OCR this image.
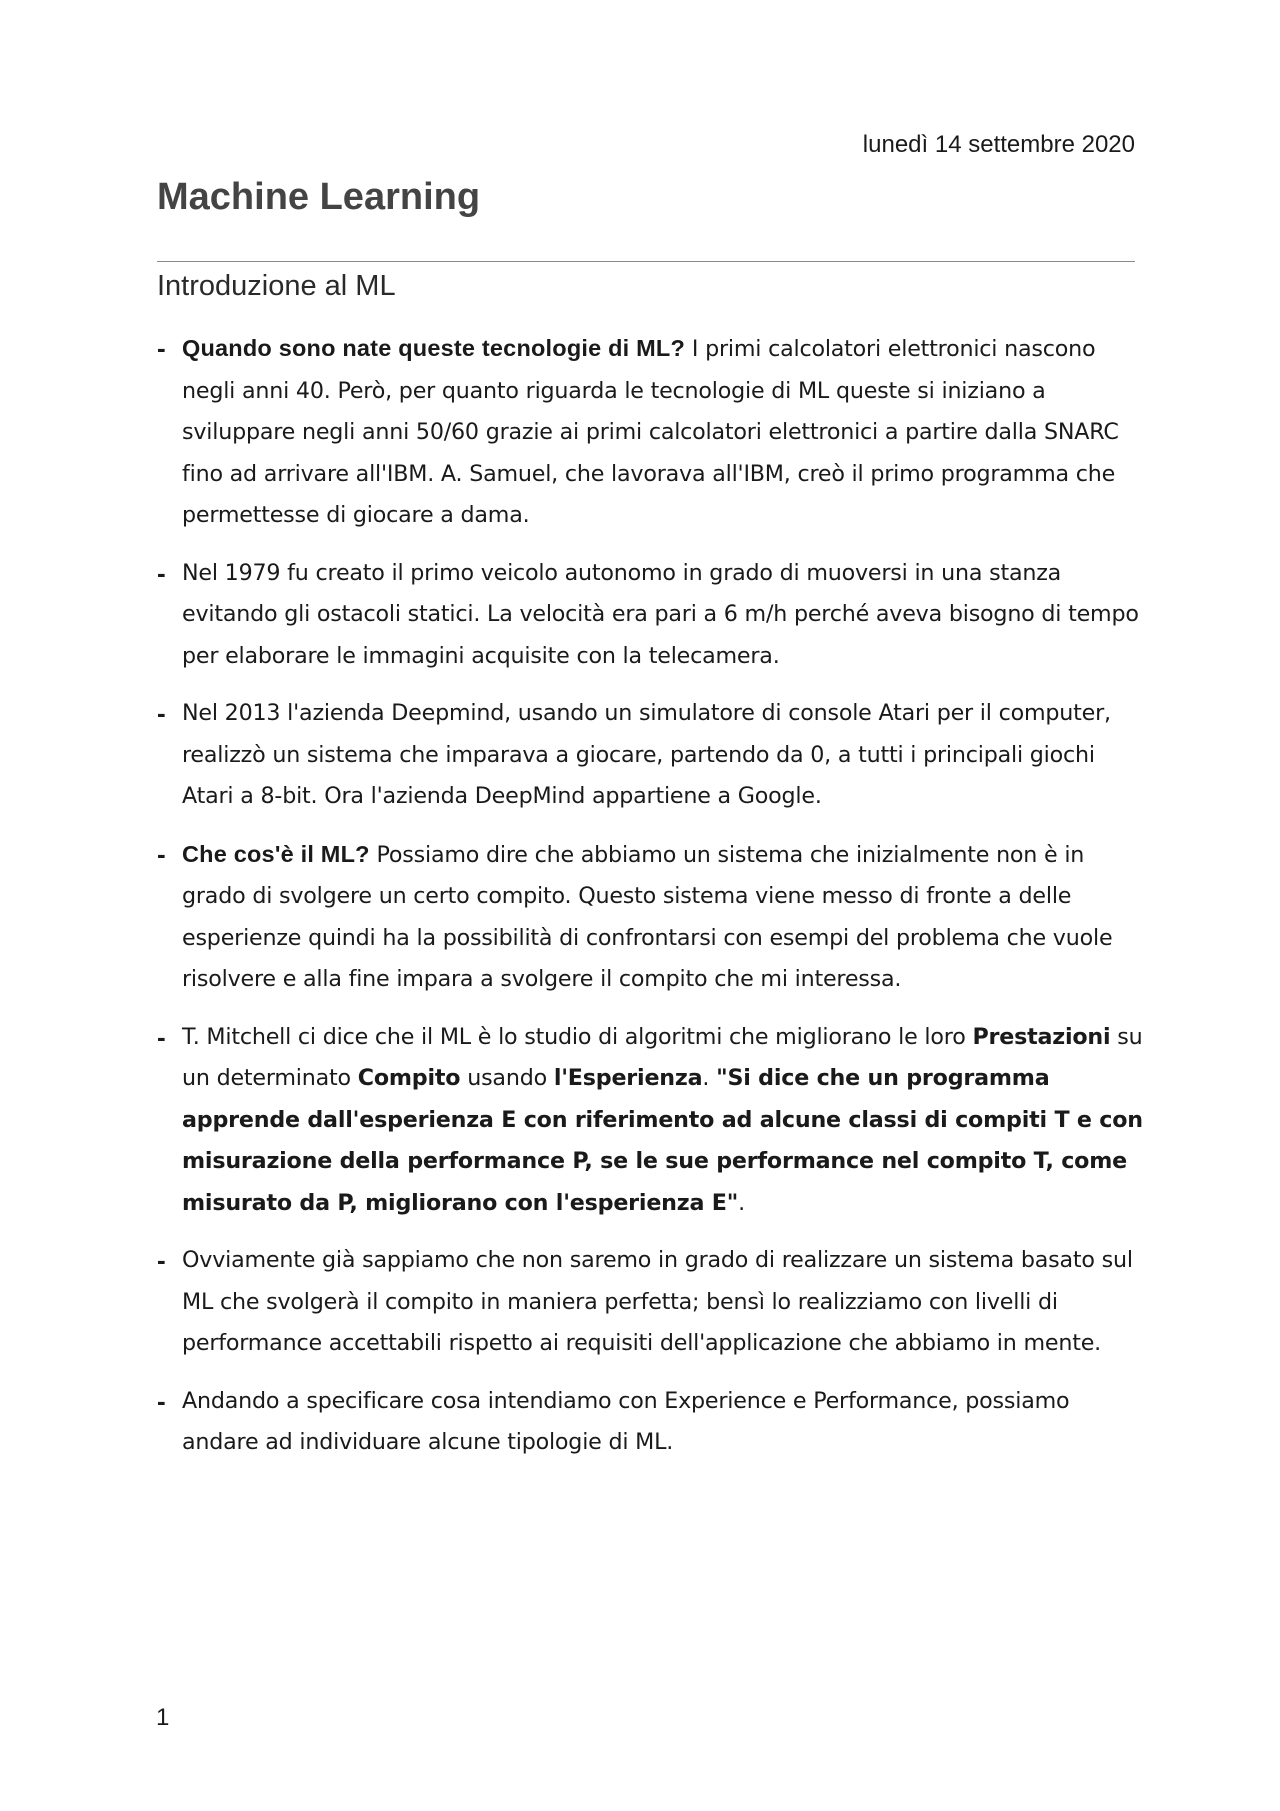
lunedì 14 settembre 2020
Machine Learning
Introduzione al ML
- Quando sono nate queste tecnologie di ML? I primi calcolatori elettronici nascono negli anni 40. Però, per quanto riguarda le tecnologie di ML queste si iniziano a sviluppare negli anni 50/60 grazie ai primi calcolatori elettronici a partire dalla SNARC fino ad arrivare all'IBM. A. Samuel, che lavorava all'IBM, creò il primo programma che permettesse di giocare a dama.
- Nel 1979 fu creato il primo veicolo autonomo in grado di muoversi in una stanza evitando gli ostacoli statici. La velocità era pari a 6 m/h perché aveva bisogno di tempo per elaborare le immagini acquisite con la telecamera.
- Nel 2013 l'azienda Deepmind, usando un simulatore di console Atari per il computer, realizzò un sistema che imparava a giocare, partendo da 0, a tutti i principali giochi Atari a 8-bit. Ora l'azienda DeepMind appartiene a Google.
- Che cos'è il ML? Possiamo dire che abbiamo un sistema che inizialmente non è in grado di svolgere un certo compito. Questo sistema viene messo di fronte a delle esperienze quindi ha la possibilità di confrontarsi con esempi del problema che vuole risolvere e alla fine impara a svolgere il compito che mi interessa.
- T. Mitchell ci dice che il ML è lo studio di algoritmi che migliorano le loro Prestazioni su un determinato Compito usando l'Esperienza. "Si dice che un programma apprende dall'esperienza E con riferimento ad alcune classi di compiti T e con misurazione della performance P, se le sue performance nel compito T, come misurato da P, migliorano con l'esperienza E".
- Ovviamente già sappiamo che non saremo in grado di realizzare un sistema basato sul ML che svolgerà il compito in maniera perfetta; bensì lo realizziamo con livelli di performance accettabili rispetto ai requisiti dell'applicazione che abbiamo in mente.
- Andando a specificare cosa intendiamo con Experience e Performance, possiamo andare ad individuare alcune tipologie di ML.
1
